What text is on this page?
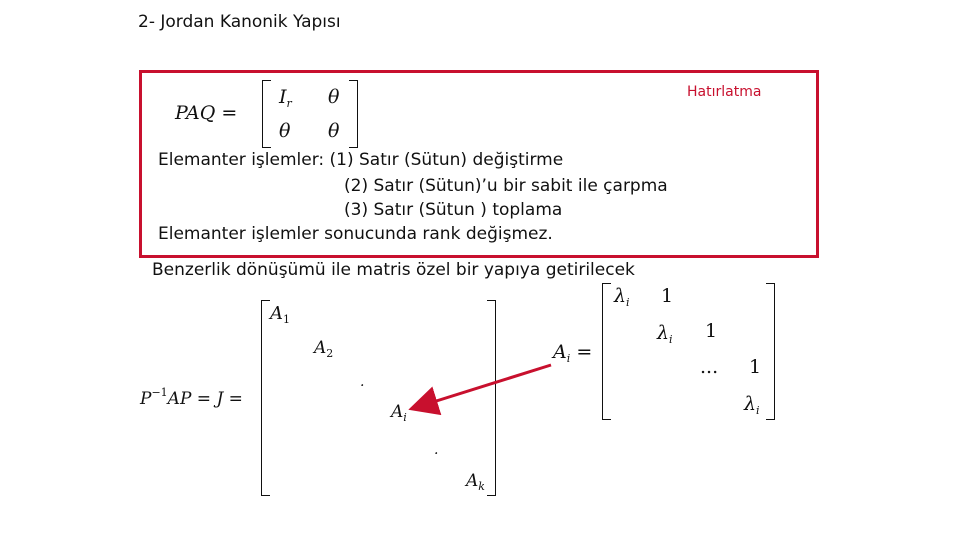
2- Jordan Kanonik Yapısı
Hatırlatma
PAQ =
$I_r$ θ
θ θ
Elemanter işlemler: (1) Satır (Sütun) değiştirme
(2) Satır (Sütun)’u bir sabit ile çarpma
(3) Satır (Sütun ) toplama
Elemanter işlemler sonucunda rank değişmez.
Benzerlik dönüşümü ile matris özel bir yapıya getirilecek
$P^{-1}AP = J$ =
$A_1$
$A_2$
.
$A_i$
.
$A_k$
$A_i$ =
$\lambda_i$ 1
$\lambda_i$ 1
... 1
$\lambda_i$
